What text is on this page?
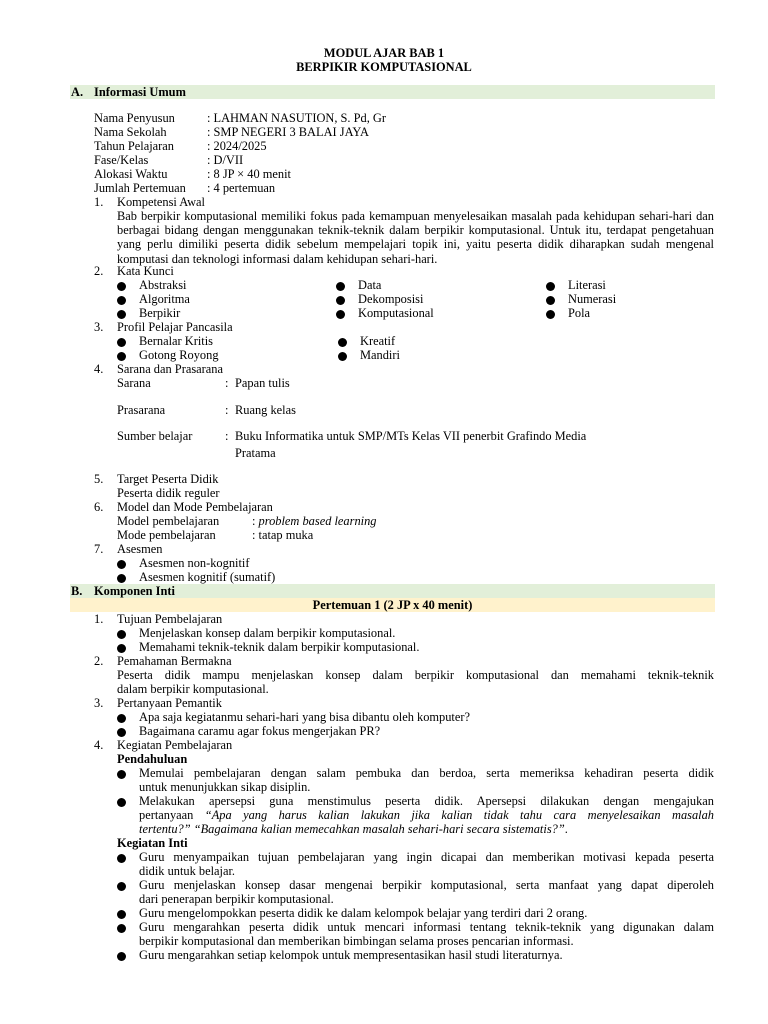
MODUL AJAR BAB 1
BERPIKIR KOMPUTASIONAL
A. Informasi Umum
Nama Penyusun	: LAHMAN NASUTION, S. Pd, Gr
Nama Sekolah	: SMP NEGERI 3 BALAI JAYA
Tahun Pelajaran	: 2024/2025
Fase/Kelas	: D/VII
Alokasi Waktu	: 8 JP × 40 menit
Jumlah Pertemuan : 4 pertemuan
1. Kompetensi Awal
Bab berpikir komputasional memiliki fokus pada kemampuan menyelesaikan masalah pada kehidupan sehari-hari dan berbagai bidang dengan menggunakan teknik-teknik dalam berpikir komputasional. Untuk itu, terdapat pengetahuan yang perlu dimiliki peserta didik sebelum mempelajari topik ini, yaitu peserta didik diharapkan sudah mengenal komputasi dan teknologi informasi dalam kehidupan sehari-hari.
2. Kata Kunci
Abstraksi
Algoritma
Berpikir
Data
Dekomposisi
Komputasional
Literasi
Numerasi
Pola
3. Profil Pelajar Pancasila
Bernalar Kritis
Gotong Royong
Kreatif
Mandiri
4. Sarana dan Prasarana
Sarana	: Papan tulis
Prasarana	: Ruang kelas
Sumber belajar	: Buku Informatika untuk SMP/MTs Kelas VII penerbit Grafindo Media
Pratama
5. Target Peserta Didik
Peserta didik reguler
6. Model dan Mode Pembelajaran
Model pembelajaran	: problem based learning
Mode pembelajaran	: tatap muka
7. Asesmen
Asesmen non-kognitif
Asesmen kognitif (sumatif)
B. Komponen Inti
Pertemuan 1 (2 JP x 40 menit)
1. Tujuan Pembelajaran
Menjelaskan konsep dalam berpikir komputasional.
Memahami teknik-teknik dalam berpikir komputasional.
2. Pemahaman Bermakna
Peserta didik mampu menjelaskan konsep dalam berpikir komputasional dan memahami teknik-teknik
dalam berpikir komputasional.
3. Pertanyaan Pemantik
Apa saja kegiatanmu sehari-hari yang bisa dibantu oleh komputer?
Bagaimana caramu agar fokus mengerjakan PR?
4. Kegiatan Pembelajaran
Pendahuluan
Memulai pembelajaran dengan salam pembuka dan berdoa, serta memeriksa kehadiran peserta didik
untuk menunjukkan sikap disiplin.
Melakukan apersepsi guna menstimulus peserta didik. Apersepsi dilakukan dengan mengajukan
pertanyaan “Apa yang harus kalian lakukan jika kalian tidak tahu cara menyelesaikan masalah
tertentu?” “Bagaimana kalian memecahkan masalah sehari-hari secara sistematis?”.
Kegiatan Inti
Guru menyampaikan tujuan pembelajaran yang ingin dicapai dan memberikan motivasi kepada peserta
didik untuk belajar.
Guru menjelaskan konsep dasar mengenai berpikir komputasional, serta manfaat yang dapat diperoleh
dari penerapan berpikir komputasional.
Guru mengelompokkan peserta didik ke dalam kelompok belajar yang terdiri dari 2 orang.
Guru mengarahkan peserta didik untuk mencari informasi tentang teknik-teknik yang digunakan dalam
berpikir komputasional dan memberikan bimbingan selama proses pencarian informasi.
Guru mengarahkan setiap kelompok untuk mempresentasikan hasil studi literaturnya.
